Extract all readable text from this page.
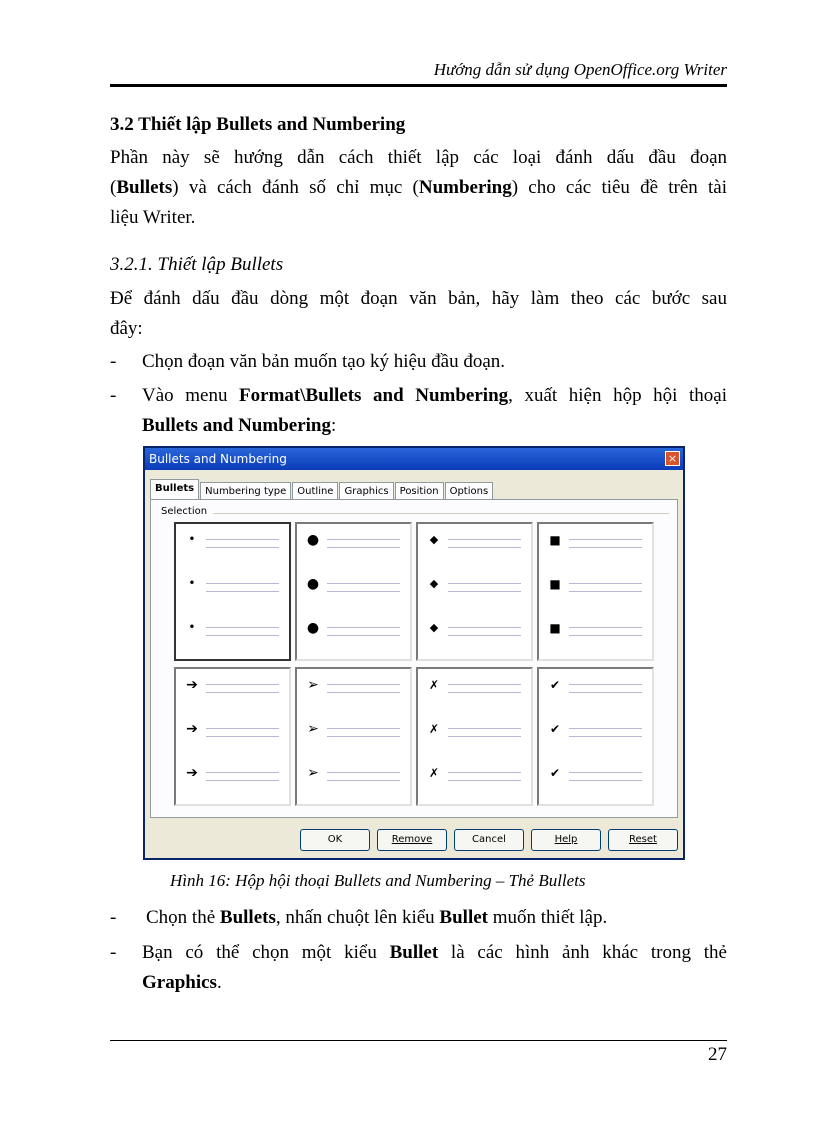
Hướng dẫn sử dụng OpenOffice.org Writer
3.2 Thiết lập Bullets and Numbering
Phần này sẽ hướng dẫn cách thiết lập các loại đánh dấu đầu đoạn
(Bullets) và cách đánh số chỉ mục (Numbering) cho các tiêu đề trên tài
liệu Writer.
3.2.1. Thiết lập Bullets
Để đánh dấu đầu dòng một đoạn văn bản, hãy làm theo các bước sau
đây:
- Chọn đoạn văn bản muốn tạo ký hiệu đầu đoạn.
- Vào menu Format\Bullets and Numbering, xuất hiện hộp hội thoại
Bullets and Numbering:
Hình 16: Hộp hội thoại Bullets and Numbering – Thẻ Bullets
- Chọn thẻ Bullets, nhấn chuột lên kiểu Bullet muốn thiết lập.
- Bạn có thể chọn một kiểu Bullet là các hình ảnh khác trong thẻ
Graphics.
27
Bullets and Numbering	×
Bullets	Numbering type	Outline	Graphics	Position	Options
Selection
•
•
•
●
●
●
◆
◆
◆
■
■
■
➔
➔
➔
➢
➢
➢
✗
✗
✗
✔
✔
✔
OK	Remove	Cancel	Help	Reset
